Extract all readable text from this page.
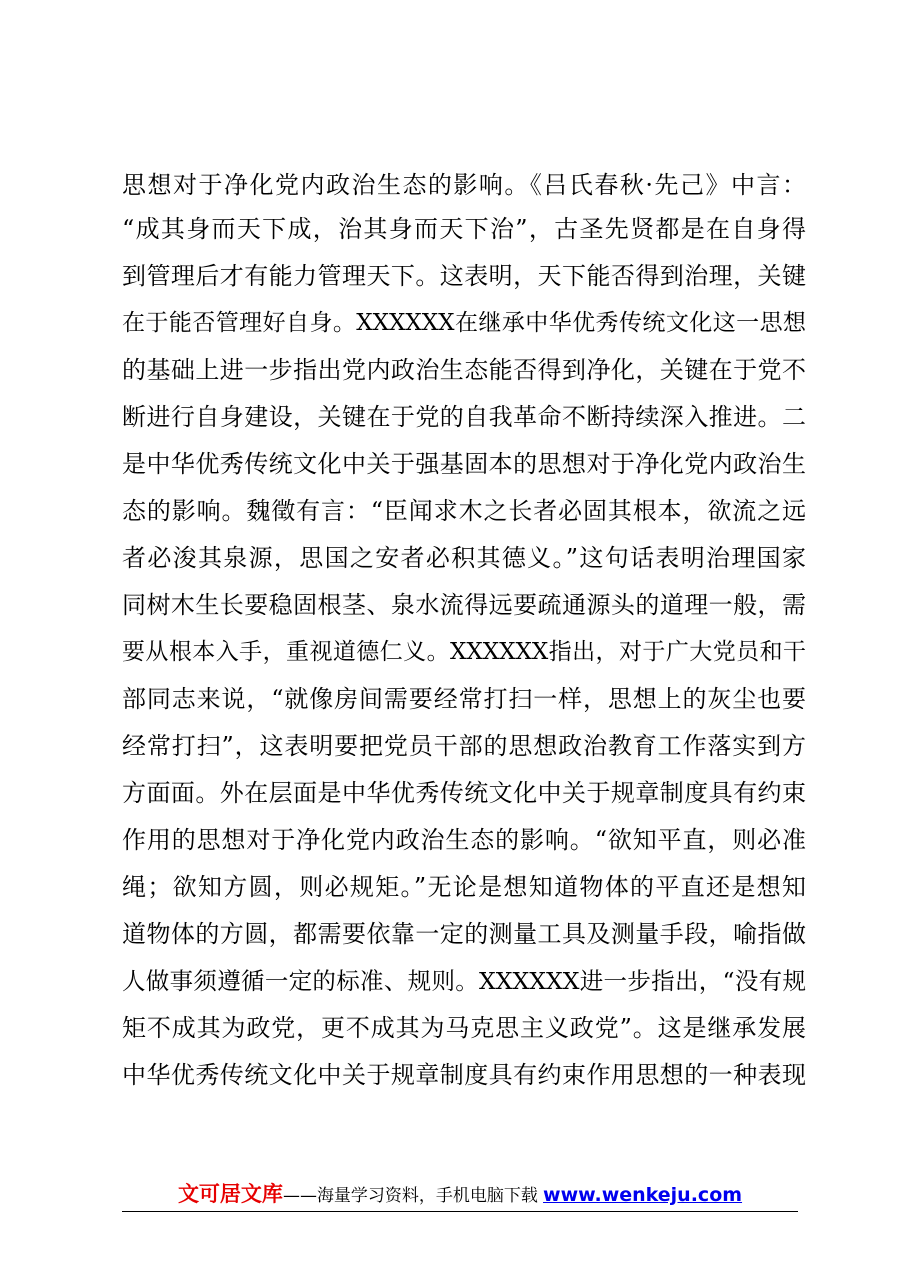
思想对于净化党内政治生态的影响。《吕氏春秋·先己》中言：
“成其身而天下成，治其身而天下治”，古圣先贤都是在自身得
到管理后才有能力管理天下。这表明，天下能否得到治理，关键
在于能否管理好自身。XXXXXX在继承中华优秀传统文化这一思想
的基础上进一步指出党内政治生态能否得到净化，关键在于党不
断进行自身建设，关键在于党的自我革命不断持续深入推进。二
是中华优秀传统文化中关于强基固本的思想对于净化党内政治生
态的影响。魏徵有言：“臣闻求木之长者必固其根本，欲流之远
者必浚其泉源，思国之安者必积其德义。”这句话表明治理国家
同树木生长要稳固根茎、泉水流得远要疏通源头的道理一般，需
要从根本入手，重视道德仁义。XXXXXX指出，对于广大党员和干
部同志来说，“就像房间需要经常打扫一样，思想上的灰尘也要
经常打扫”，这表明要把党员干部的思想政治教育工作落实到方
方面面。外在层面是中华优秀传统文化中关于规章制度具有约束
作用的思想对于净化党内政治生态的影响。“欲知平直，则必准
绳；欲知方圆，则必规矩。”无论是想知道物体的平直还是想知
道物体的方圆，都需要依靠一定的测量工具及测量手段，喻指做
人做事须遵循一定的标准、规则。XXXXXX进一步指出，“没有规
矩不成其为政党，更不成其为马克思主义政党”。这是继承发展
中华优秀传统文化中关于规章制度具有约束作用思想的一种表现
文可居文库——海量学习资料，手机电脑下载 www.wenkeju.com
